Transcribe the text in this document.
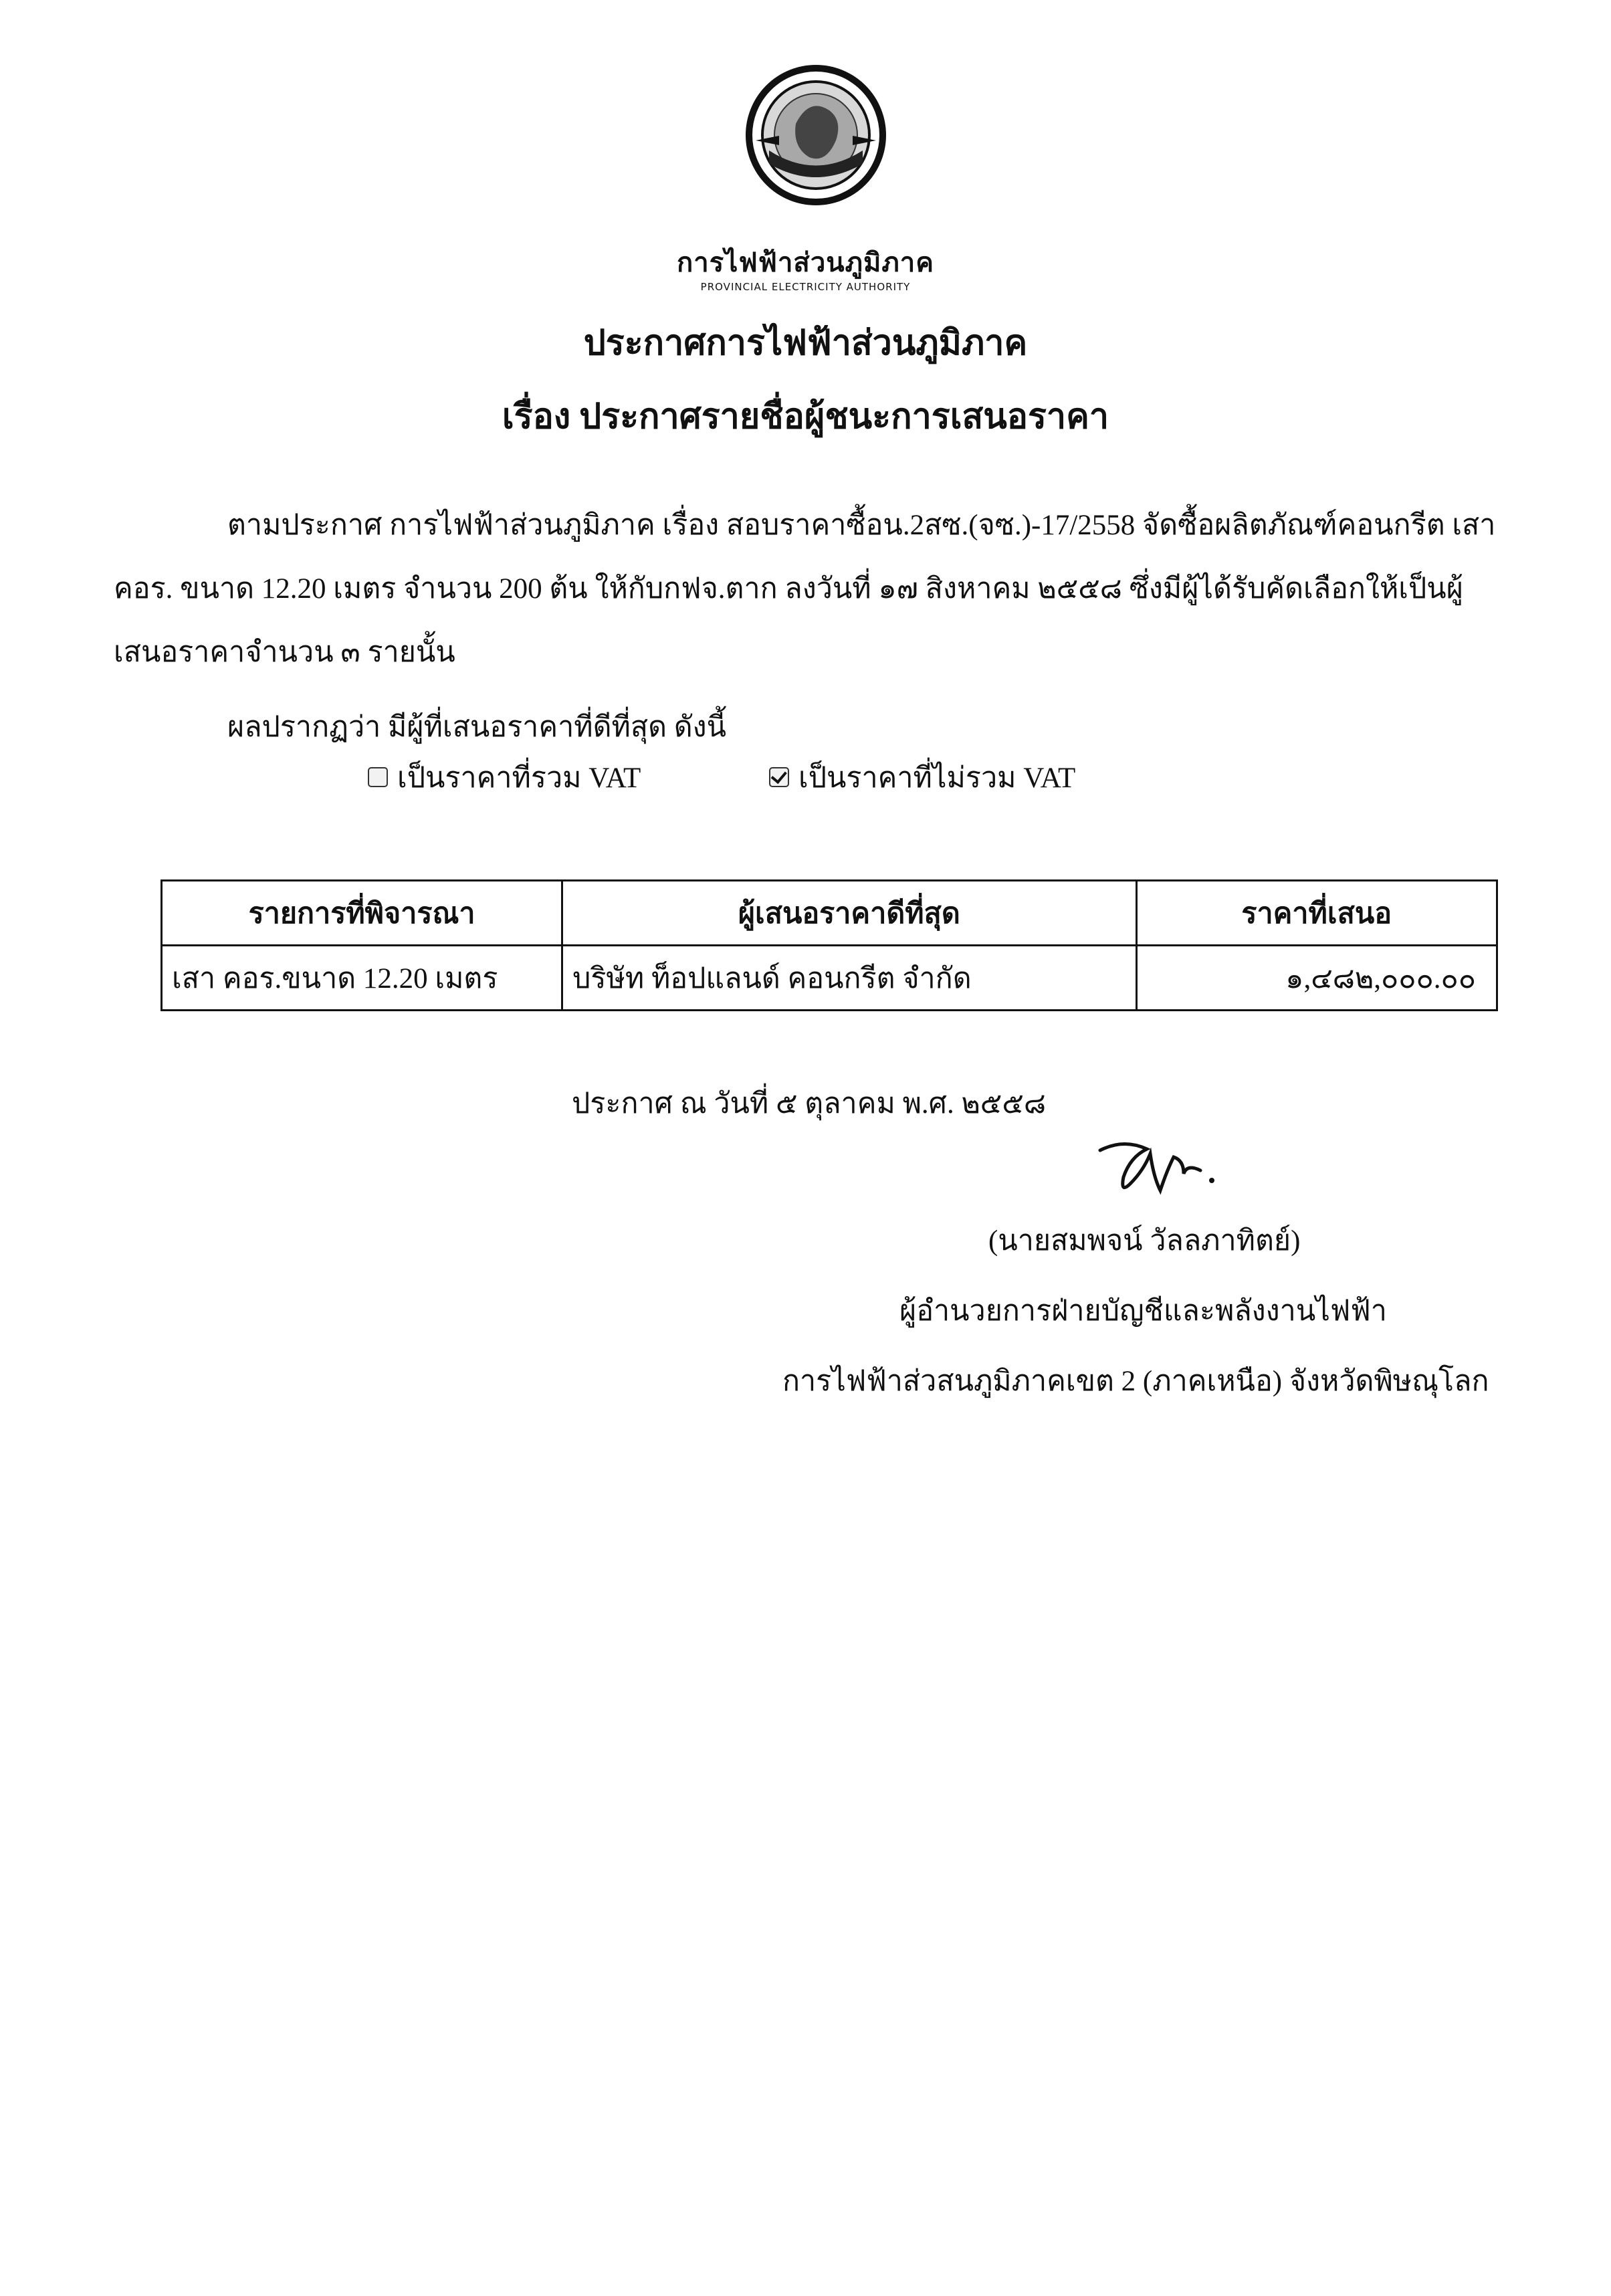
การไฟฟ้าส่วนภูมิภาค
PROVINCIAL ELECTRICITY AUTHORITY
ประกาศการไฟฟ้าส่วนภูมิภาค
เรื่อง ประกาศรายชื่อผู้ชนะการเสนอราคา
ตามประกาศ การไฟฟ้าส่วนภูมิภาค เรื่อง สอบราคาซื้อน.2สซ.(จซ.)-17/2558 จัดซื้อผลิตภัณฑ์คอนกรีต เสา คอร. ขนาด 12.20 เมตร จำนวน 200 ต้น ให้กับกฟจ.ตาก ลงวันที่ ๑๗ สิงหาคม ๒๕๕๘ ซึ่งมีผู้ได้รับคัดเลือกให้เป็นผู้เสนอราคาจำนวน ๓ รายนั้น
ผลปรากฏว่า มีผู้ที่เสนอราคาที่ดีที่สุด ดังนี้
เป็นราคาที่รวม VAT	เป็นราคาที่ไม่รวม VAT
รายการที่พิจารณา	ผู้เสนอราคาดีที่สุด	ราคาที่เสนอ
เสา คอร.ขนาด 12.20 เมตร	บริษัท ท็อปแลนด์ คอนกรีต จำกัด	๑,๔๘๒,๐๐๐.๐๐
ประกาศ ณ วันที่ ๕ ตุลาคม พ.ศ. ๒๕๕๘
(นายสมพจน์ วัลลภาทิตย์)
ผู้อำนวยการฝ่ายบัญชีและพลังงานไฟฟ้า
การไฟฟ้าส่วสนภูมิภาคเขต 2 (ภาคเหนือ) จังหวัดพิษณุโลก
